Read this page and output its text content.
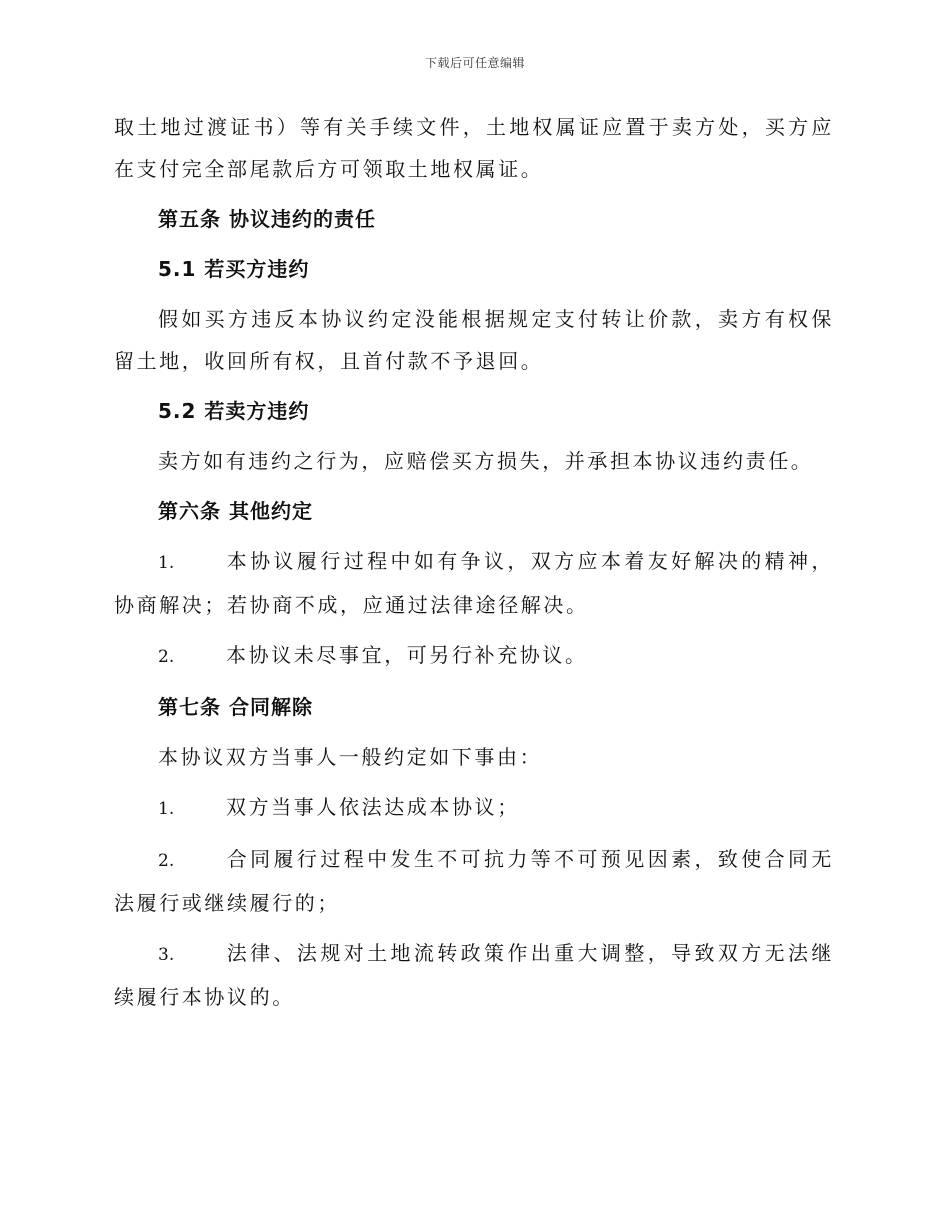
下载后可任意编辑

取土地过渡证书）等有关手续文件，土地权属证应置于卖方处，买方应在支付完全部尾款后方可领取土地权属证。

第五条 协议违约的责任
5.1 若买方违约

假如买方违反本协议约定没能根据规定支付转让价款，卖方有权保留土地，收回所有权，且首付款不予退回。

5.2 若卖方违约

卖方如有违约之行为，应赔偿买方损失，并承担本协议违约责任。

第六条 其他约定

1.	本协议履行过程中如有争议，双方应本着友好解决的精神，协商解决；若协商不成，应通过法律途径解决。

2.	本协议未尽事宜，可另行补充协议。

第七条 合同解除

本协议双方当事人一般约定如下事由：

1.	双方当事人依法达成本协议；

2.	合同履行过程中发生不可抗力等不可预见因素，致使合同无法履行或继续履行的；

3.	法律、法规对土地流转政策作出重大调整，导致双方无法继续履行本协议的。
